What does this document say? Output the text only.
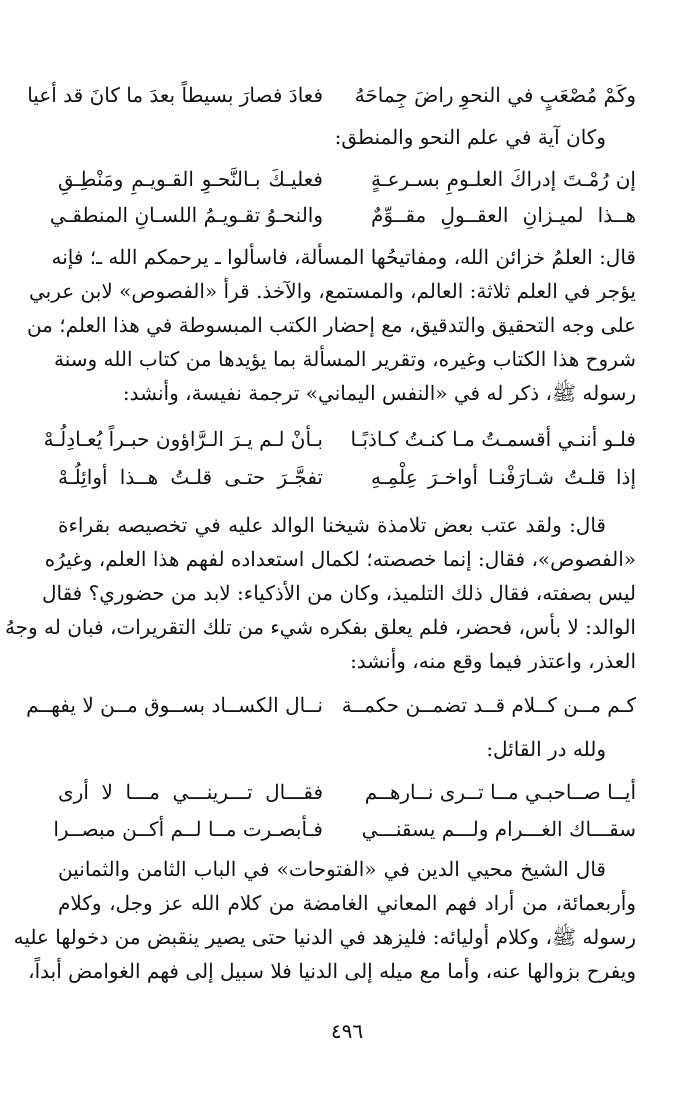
وكَمْ مُصْعَبٍ في النحوِ راضَ جِماحَهُ
فعادَ فصارَ بسيطاً بعدَ ما كانَ قد أعيا
وكان آية في علم النحو والمنطق:
إن رُمْـتَ إدراكَ العلـومِ بسـرعـةٍ
فعليـكَ بـالنَّحـوِ القـويـمِ ومَنْطِـقِ
هــذا لميـزانِ العقــولِ مقــوِّمٌ
والنحـوُ تقـويـمُ اللسـانِ المنطقـي
قال: العلمُ خزائن الله، ومفاتيحُها المسألة، فاسألوا ـ يرحمكم الله ـ؛ فإنه
يؤجر في العلم ثلاثة: العالم، والمستمع، والآخذ. قرأ «الفصوص» لابن عربي
على وجه التحقيق والتدقيق، مع إحضار الكتب المبسوطة في هذا العلم؛ من
شروح هذا الكتاب وغيره، وتقرير المسألة بما يؤيدها من كتاب الله وسنة
رسوله ﷺ، ذكر له في «النفس اليماني» ترجمة نفيسة، وأنشد:
فلـو أننـي أقسمـتُ مـا كنـتُ كـاذبًـا
بـأنْ لـم يـرَ الـرَّاؤون حبـراً يُعـادِلُـهْ
إذا قلـتُ شـارَفْنـا أواخـرَ عِلْمِـهِ
تفجَّـرَ حتـى قلـتُ هــذا أوائِلُـهْ
قال: ولقد عتب بعض تلامذة شيخنا الوالد عليه في تخصيصه بقراءة
«الفصوص»، فقال: إنما خصصته؛ لكمال استعداده لفهم هذا العلم، وغيرُه
ليس بصفته، فقال ذلك التلميذ، وكان من الأذكياء: لابد من حضوري؟ فقال
الوالد: لا بأس، فحضر، فلم يعلق بفكره شيء من تلك التقريرات، فبان له وجهُ
العذر، واعتذر فيما وقع منه، وأنشد:
كـم مــن كــلام قــد تضمــن حكمــة
نــال الكســاد بســوق مــن لا يفهــم
ولله در القائل:
أيــا صــاحبـي مــا تــرى نــارهــم
فقـــال تـــرينـــي مـــا لا أرى
سقـــاك الغـــرام ولـــم يسقنـــي
فـأبصـرت مــا لــم أكــن مبصــرا
قال الشيخ محيي الدين في «الفتوحات» في الباب الثامن والثمانين
وأربعمائة، من أراد فهم المعاني الغامضة من كلام الله عز وجل، وكلام
رسوله ﷺ، وكلام أوليائه: فليزهد في الدنيا حتى يصير ينقبض من دخولها عليه
ويفرح بزوالها عنه، وأما مع ميله إلى الدنيا فلا سبيل إلى فهم الغوامض أبداً،
٤٩٦
